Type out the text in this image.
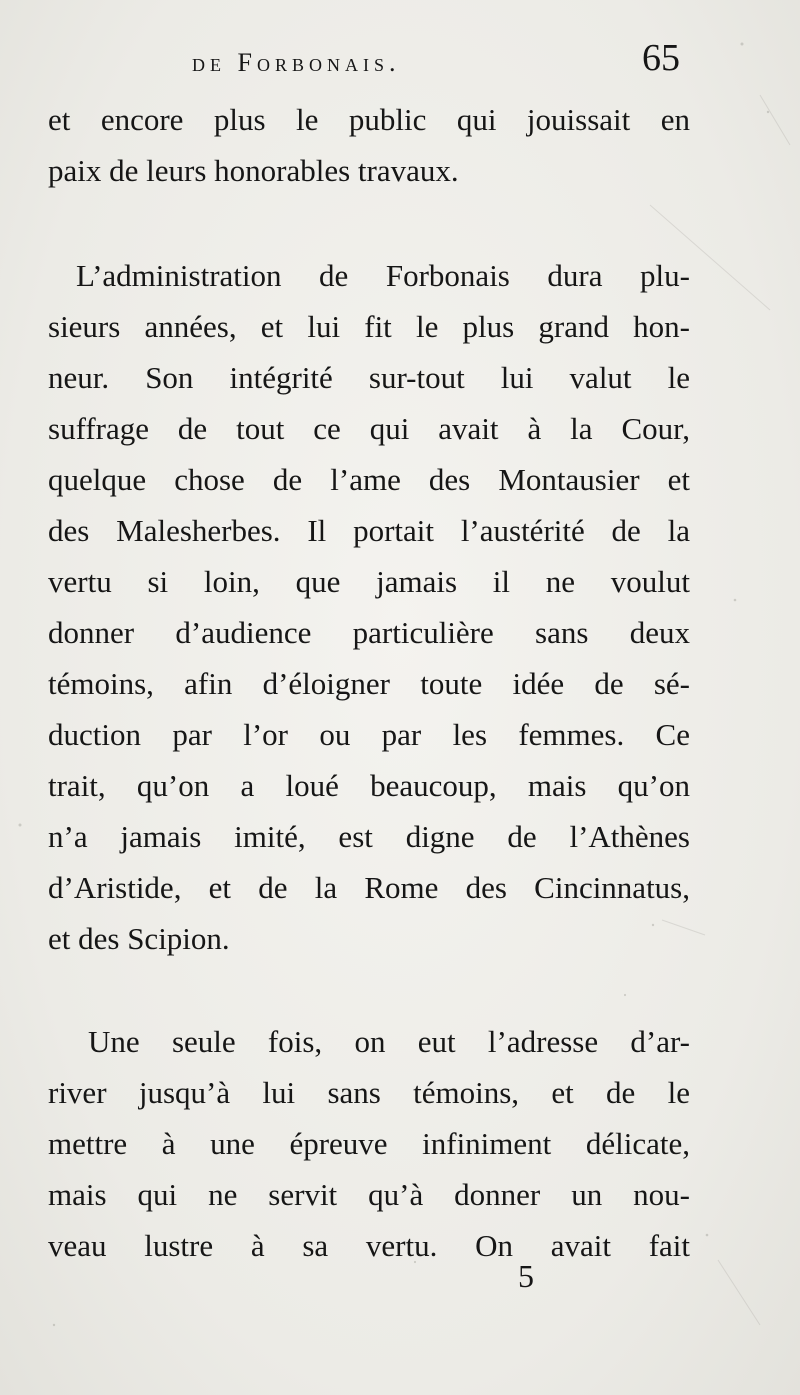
de Forbonais.	65
et encore plus le public qui jouissait en
paix de leurs honorables travaux.
L’administration de Forbonais dura plu-
sieurs années, et lui fit le plus grand hon-
neur. Son intégrité sur-tout lui valut le
suffrage de tout ce qui avait à la Cour,
quelque chose de l’ame des Montausier et
des Malesherbes. Il portait l’austérité de la
vertu si loin, que jamais il ne voulut
donner d’audience particulière sans deux
témoins, afin d’éloigner toute idée de sé-
duction par l’or ou par les femmes. Ce
trait, qu’on a loué beaucoup, mais qu’on
n’a jamais imité, est digne de l’Athènes
d’Aristide, et de la Rome des Cincinnatus,
et des Scipion.
Une seule fois, on eut l’adresse d’ar-
river jusqu’à lui sans témoins, et de le
mettre à une épreuve infiniment délicate,
mais qui ne servit qu’à donner un nou-
veau lustre à sa vertu. On avait fait
5
